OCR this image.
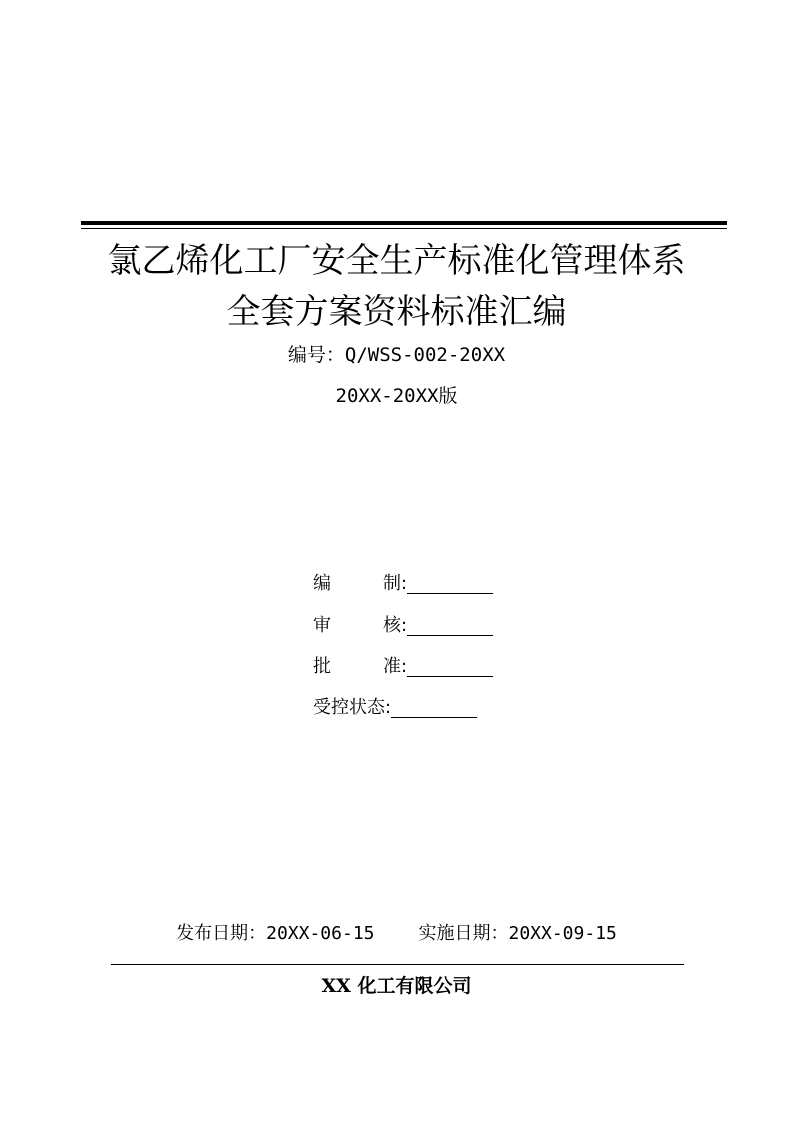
氯乙烯化工厂安全生产标准化管理体系
全套方案资料标准汇编
编号：Q/WSS-002-20XX
20XX-20XX版
编	制 :
审	核 :
批	准 :
受控状态 :
发布日期：20XX-06-15 实施日期：20XX-09-15
XX 化工有限公司
